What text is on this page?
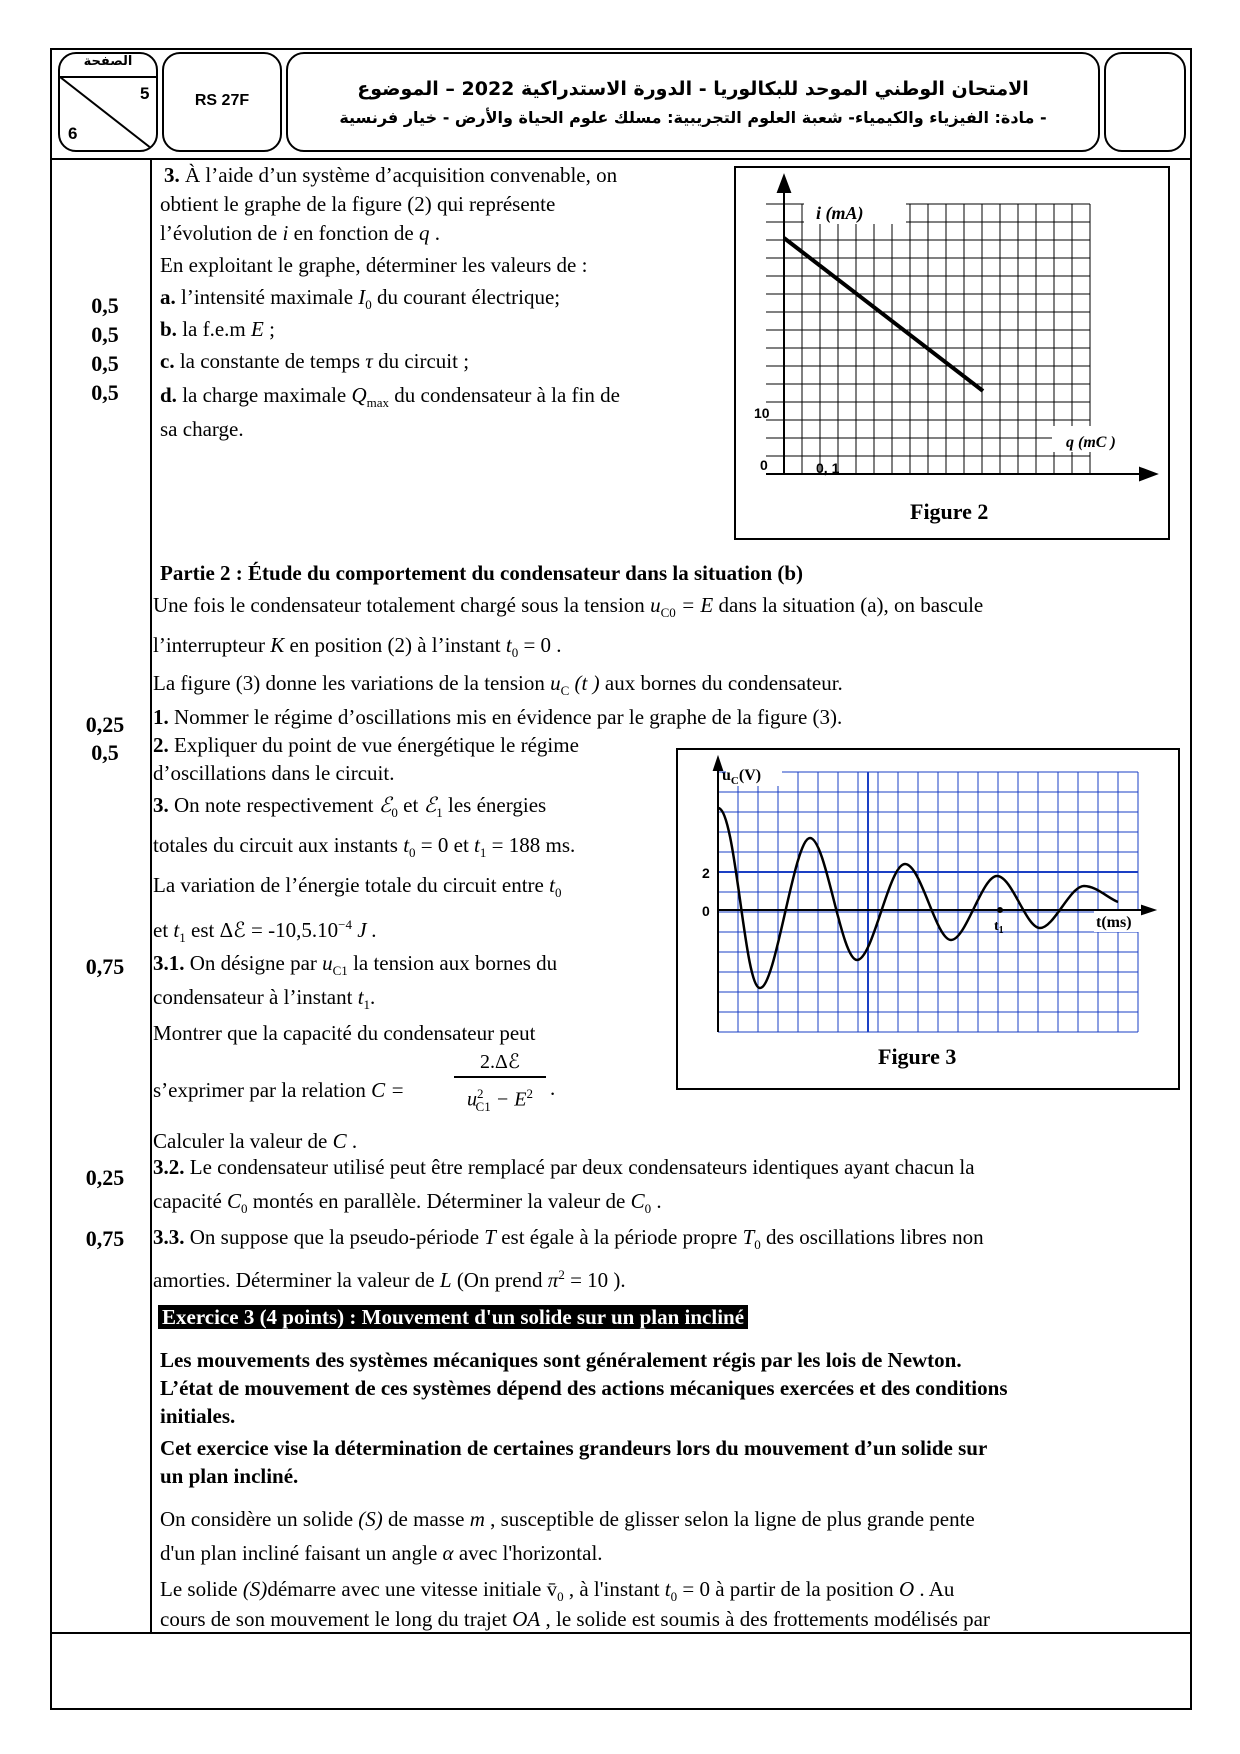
الصفحة
5
6
RS 27F
الامتحان الوطني الموحد للبكالوريا - الدورة الاستدراكية 2022 – الموضوع
- مادة: الفيزياء والكيمياء- شعبة العلوم التجريبية: مسلك علوم الحياة والأرض - خيار فرنسية
0,5
0,5
0,5
0,5
0,25
0,5
0,75
0,25
0,75
3. À l’aide d’un système d’acquisition convenable, on
obtient le graphe de la figure (2) qui représente
l’évolution de i en fonction de q .
En exploitant le graphe, déterminer les valeurs de :
a. l’intensité maximale $I_0$ du courant électrique;
b. la f.e.m E ;
c. la constante de temps τ du circuit ;
d. la charge maximale $Q_{max}$ du condensateur à la fin de
sa charge.
i (mA)
q (mC )
10
0	0, 1
Figure 2
Partie 2 : Étude du comportement du condensateur dans la situation (b)
Une fois le condensateur totalement chargé sous la tension $u_{C0} = E$ dans la situation (a), on bascule
l’interrupteur K en position (2) à l’instant $t_0 = 0$ .
La figure (3) donne les variations de la tension $u_C$ (t ) aux bornes du condensateur.
1. Nommer le régime d’oscillations mis en évidence par le graphe de la figure (3).
2. Expliquer du point de vue énergétique le régime
d’oscillations dans le circuit.
3. On note respectivement ℰ$_0$ et ℰ$_1$ les énergies
totales du circuit aux instants $t_0 = 0$ et $t_1 = 188$ ms.
La variation de l’énergie totale du circuit entre $t_0$
et $t_1$ est Δℰ = $-10,5.10^{-4}$ J .
3.1. On désigne par $u_{C1}$ la tension aux bornes du
condensateur à l’instant $t_1$.
Montrer que la capacité du condensateur peut
s’exprimer par la relation C =
2.Δℰ
$u^2_{C1} - E^2$ .
Calculer la valeur de C .
3.2. Le condensateur utilisé peut être remplacé par deux condensateurs identiques ayant chacun la
capacité $C_0$ montés en parallèle. Déterminer la valeur de $C_0$ .
3.3. On suppose que la pseudo-période T est égale à la période propre $T_0$ des oscillations libres non
amorties. Déterminer la valeur de L (On prend $\pi^2 = 10$ ).
$u_C(V)$
2
0
$t_1$	t(ms)
Figure 3
Exercice 3 (4 points) : Mouvement d'un solide sur un plan incliné
Les mouvements des systèmes mécaniques sont généralement régis par les lois de Newton.
L’état de mouvement de ces systèmes dépend des actions mécaniques exercées et des conditions
initiales.
Cet exercice vise la détermination de certaines grandeurs lors du mouvement d’un solide sur
un plan incliné.
On considère un solide (S) de masse m , susceptible de glisser selon la ligne de plus grande pente
d'un plan incliné faisant un angle α avec l'horizontal.
Le solide (S)démarre avec une vitesse initiale $v̄_0$ , à l'instant $t_0 = 0$ à partir de la position O . Au
cours de son mouvement le long du trajet OA , le solide est soumis à des frottements modélisés par
